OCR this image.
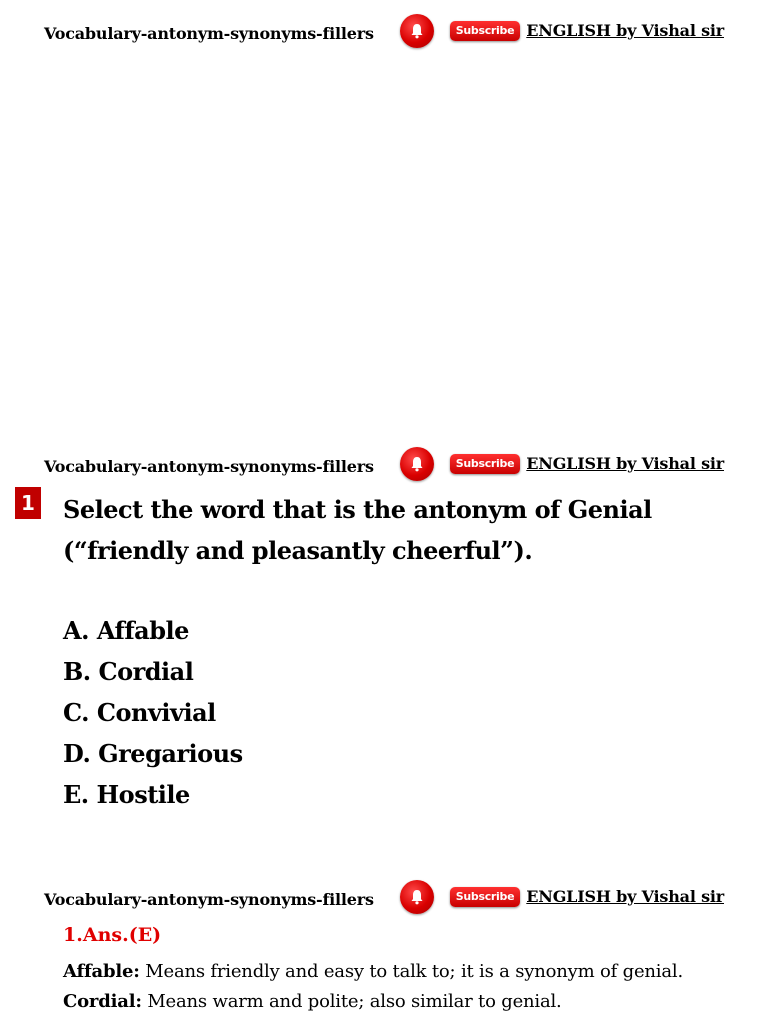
Vocabulary-antonym-synonyms-fillers	Subscribe ENGLISH by Vishal sir
Vocabulary-antonym-synonyms-fillers	Subscribe ENGLISH by Vishal sir
1 Select the word that is the antonym of Genial (“friendly and pleasantly cheerful”).
A. Affable
B. Cordial
C. Convivial
D. Gregarious
E. Hostile
Vocabulary-antonym-synonyms-fillers	Subscribe ENGLISH by Vishal sir
1.Ans.(E)

Affable: Means friendly and easy to talk to; it is a synonym of genial.

Cordial: Means warm and polite; also similar to genial.
